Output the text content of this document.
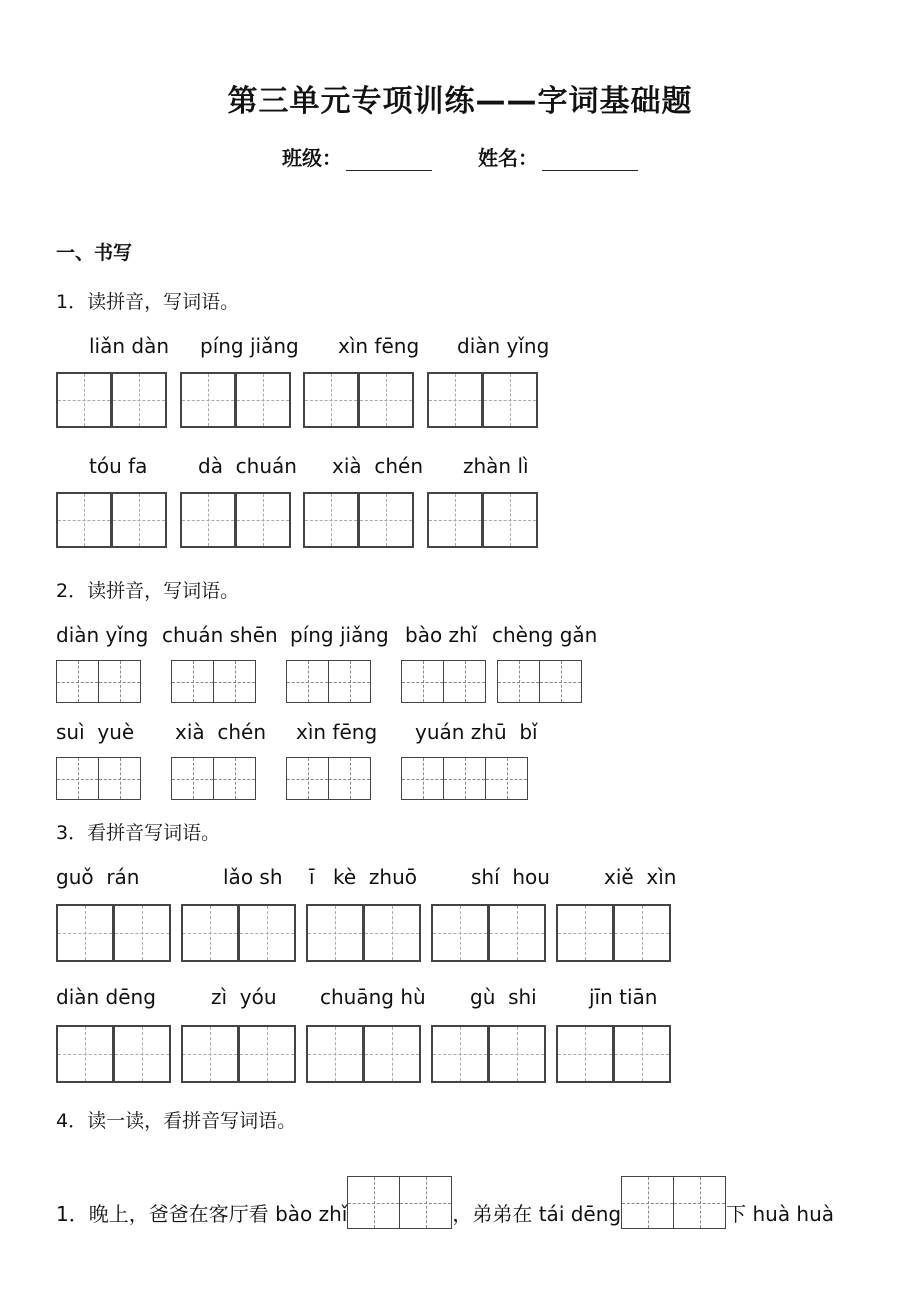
第三单元专项训练——字词基础题
班级：	姓名：
一、书写
1．读拼音，写词语。
liǎn dàn píng jiǎng xìn fēng diàn yǐng
tóu fa	dà  chuán xià  chén zhàn lì
2．读拼音，写词语。
diàn yǐng chuán shēn píng jiǎng bào zhǐ chèng gǎn
suì  yuè xià  chén xìn fēng yuán zhū  bǐ
3．看拼音写词语。
guǒ  rán	lǎo sh ī kè  zhuō	shí  hou	xiě  xìn
diàn dēng	zì  yóu chuāng hù gù  shi	jīn tiān
4．读一读，看拼音写词语。
1．晚上，爸爸在客厅看 bào zhǐ	，弟弟在 tái dēng	下 huà huà
